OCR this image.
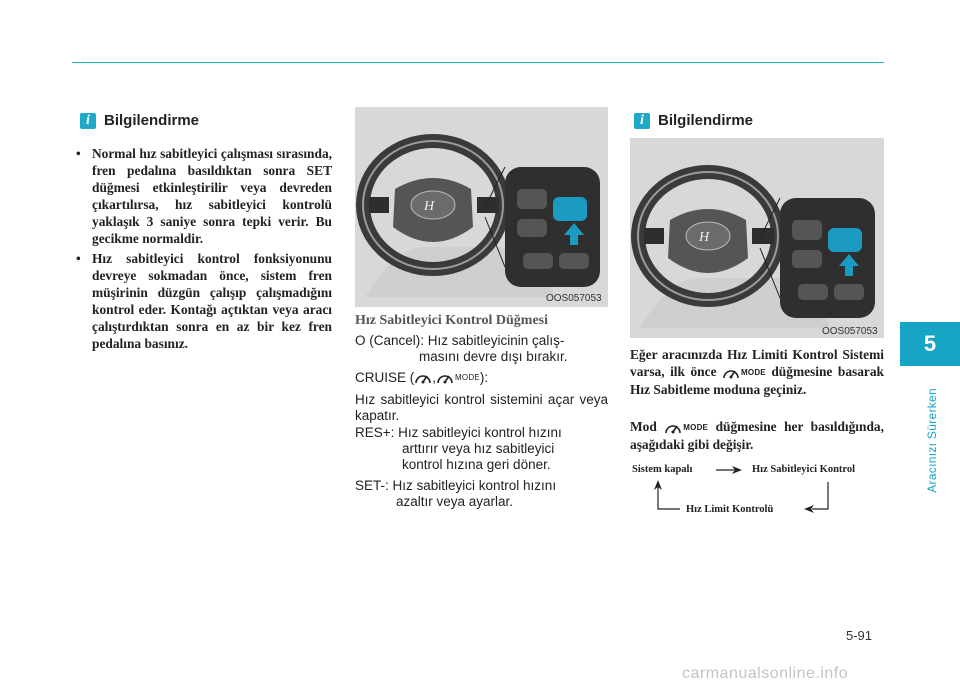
i Bilgilendirme
• Normal hız sabitleyici çalışması sırasında, fren pedalına basıldıktan sonra SET düğmesi etkinleştirilir veya devreden çıkartılırsa, hız sabitleyici kontrolü yaklaşık 3 saniye sonra tepki verir. Bu gecikme normaldir.
• Hız sabitleyici kontrol fonksiyonunu devreye sokmadan önce, sistem fren müşirinin düzgün çalışıp çalışmadığını kontrol eder. Kontağı açtıktan veya aracı çalıştırdıktan sonra en az bir kez fren pedalına basınız.
H
OOS057053
Hız Sabitleyici Kontrol Düğmesi
O (Cancel): Hız sabitleyicinin çalış-
masını devre dışı bırakır.
CRUISE ( , MODE ):
Hız sabitleyici kontrol sistemini açar veya kapatır.
RES+: Hız sabitleyici kontrol hızını
arttırır veya hız sabitleyici
kontrol hızına geri döner.
SET-: Hız sabitleyici kontrol hızını
azaltır veya ayarlar.
i Bilgilendirme
H
OOS057053
Eğer aracınızda Hız Limiti Kontrol Sistemi varsa, ilk önce	MODE düğmesine basarak Hız Sabitleme moduna geçiniz.
Mod	MODE düğmesine her basıldığında, aşağıdaki gibi değişir.
Sistem kapalı	Hız Sabitleyici Kontrol
Hız Limit Kontrolü
5
Aracınızı Sürerken
5-91
carmanualsonline.info
